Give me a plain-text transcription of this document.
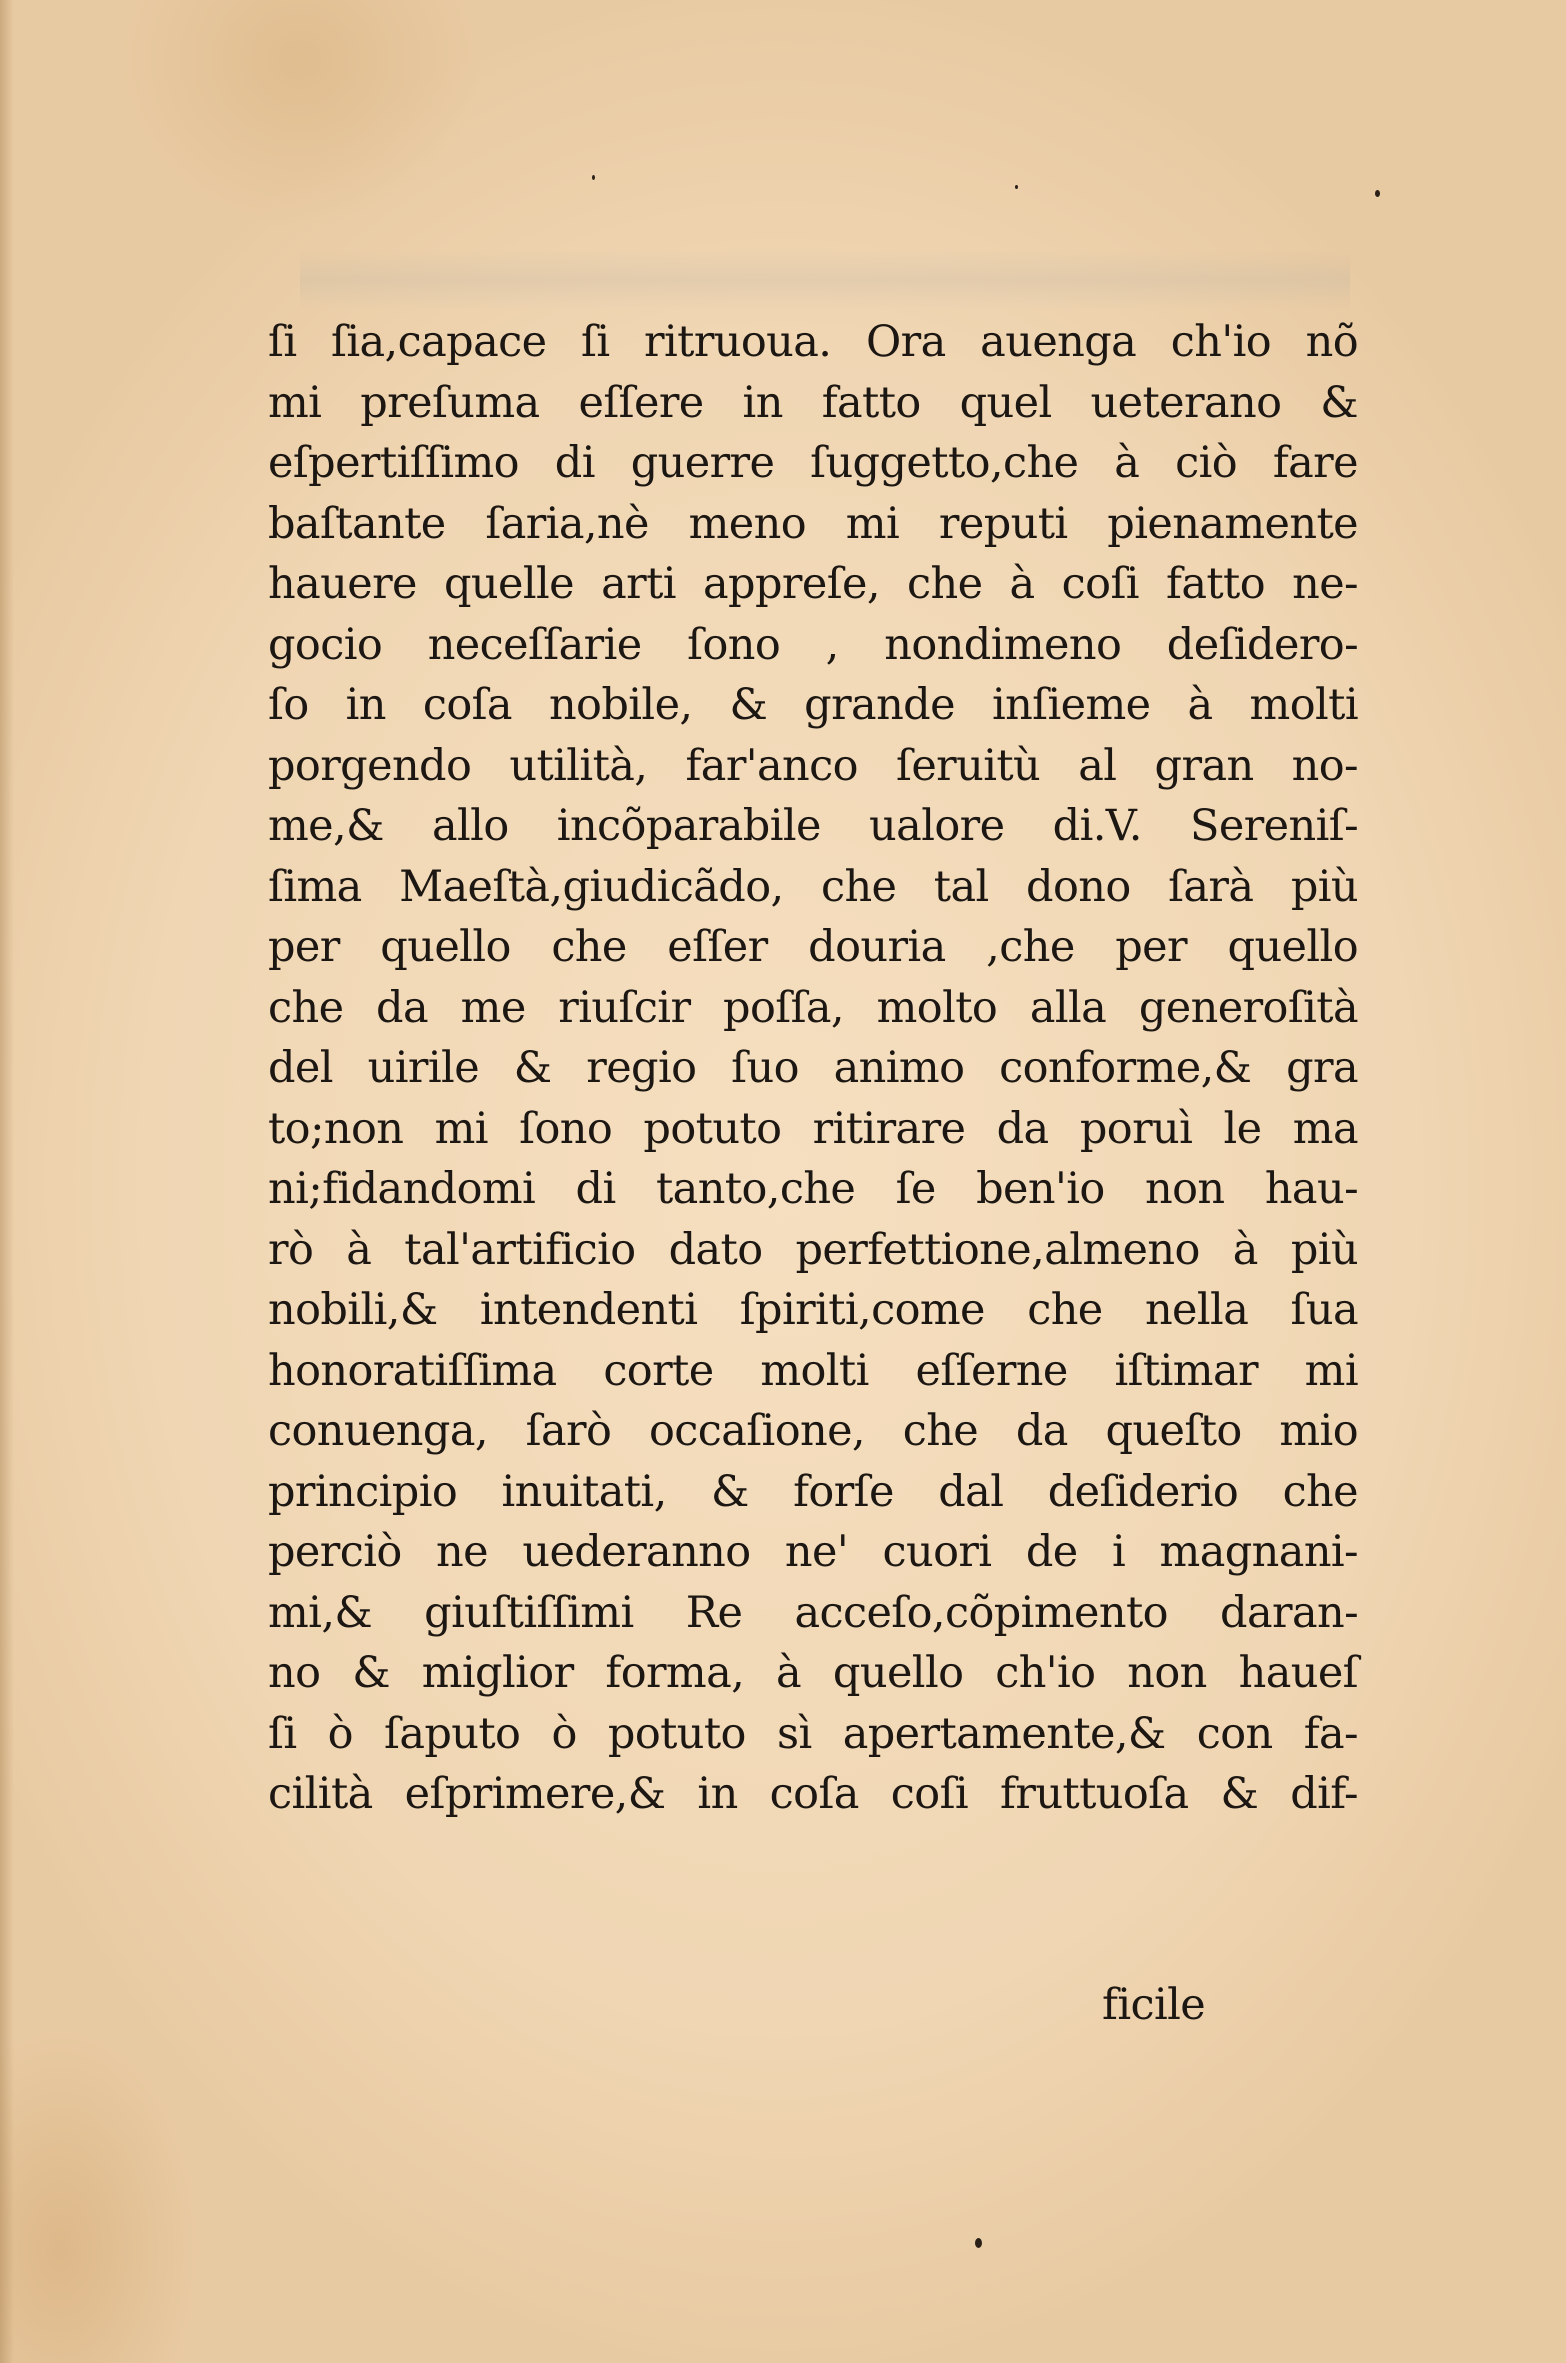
ſi ſia,capace ſi ritruoua. Ora auenga ch'io nõ
mi preſuma eſſere in fatto quel ueterano &
eſpertiſſimo di guerre ſuggetto,che à ciò fare
baſtante ſaria,nè meno mi reputi pienamente
hauere quelle arti appreſe, che à coſi fatto ne-
gocio neceſſarie ſono , nondimeno deſidero-
ſo in coſa nobile, & grande inſieme à molti
porgendo utilità, far'anco ſeruitù al gran no-
me,& allo incõparabile ualore di.V. Sereniſ-
ſima Maeſtà,giudicãdo, che tal dono ſarà più
per quello che eſſer douria ,che per quello
che da me riuſcir poſſa, molto alla generoſità
del uirile & regio ſuo animo conforme,& gra
to;non mi ſono potuto ritirare da poruì le ma
ni;fidandomi di tanto,che ſe ben'io non hau-
rò à tal'artificio dato perfettione,almeno à più
nobili,& intendenti ſpiriti,come che nella ſua
honoratiſſima corte molti eſſerne iſtimar mi
conuenga, ſarò occaſione, che da queſto mio
principio inuitati, & forſe dal deſiderio che
perciò ne uederanno ne' cuori de i magnani-
mi,& giuſtiſſimi Re acceſo,cõpimento daran-
no & miglior forma, à quello ch'io non haueſ
ſi ò ſaputo ò potuto sì apertamente,& con fa-
cilità eſprimere,& in coſa coſi fruttuoſa & dif-
ficile
